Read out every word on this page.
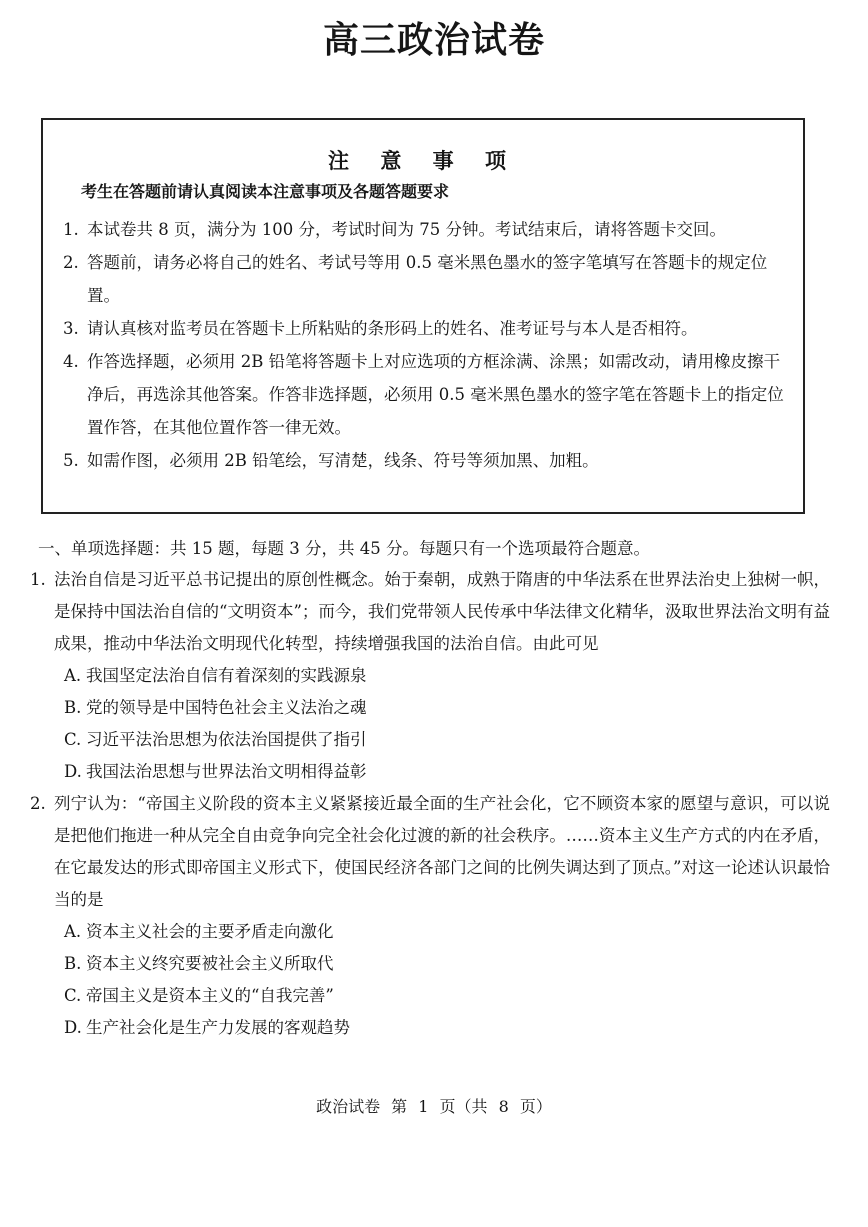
高三政治试卷
注 意 事 项
考生在答题前请认真阅读本注意事项及各题答题要求
1. 本试卷共 8 页，满分为 100 分，考试时间为 75 分钟。考试结束后，请将答题卡交回。
2. 答题前，请务必将自己的姓名、考试号等用 0.5 毫米黑色墨水的签字笔填写在答题卡的规定位置。
3. 请认真核对监考员在答题卡上所粘贴的条形码上的姓名、准考证号与本人是否相符。
4. 作答选择题，必须用 2B 铅笔将答题卡上对应选项的方框涂满、涂黑；如需改动，请用橡皮擦干净后，再选涂其他答案。作答非选择题，必须用 0.5 毫米黑色墨水的签字笔在答题卡上的指定位置作答，在其他位置作答一律无效。
5. 如需作图，必须用 2B 铅笔绘，写清楚，线条、符号等须加黑、加粗。
一、单项选择题：共 15 题，每题 3 分，共 45 分。每题只有一个选项最符合题意。
1. 法治自信是习近平总书记提出的原创性概念。始于秦朝，成熟于隋唐的中华法系在世界法治史上独树一帜，是保持中国法治自信的“文明资本”；而今，我们党带领人民传承中华法律文化精华，汲取世界法治文明有益成果，推动中华法治文明现代化转型，持续增强我国的法治自信。由此可见
A. 我国坚定法治自信有着深刻的实践源泉
B. 党的领导是中国特色社会主义法治之魂
C. 习近平法治思想为依法治国提供了指引
D. 我国法治思想与世界法治文明相得益彰
2. 列宁认为：“帝国主义阶段的资本主义紧紧接近最全面的生产社会化，它不顾资本家的愿望与意识，可以说是把他们拖进一种从完全自由竞争向完全社会化过渡的新的社会秩序。……资本主义生产方式的内在矛盾，在它最发达的形式即帝国主义形式下，使国民经济各部门之间的比例失调达到了顶点。”对这一论述认识最恰当的是
A. 资本主义社会的主要矛盾走向激化
B. 资本主义终究要被社会主义所取代
C. 帝国主义是资本主义的“自我完善”
D. 生产社会化是生产力发展的客观趋势
政治试卷 第 1 页（共 8 页）
